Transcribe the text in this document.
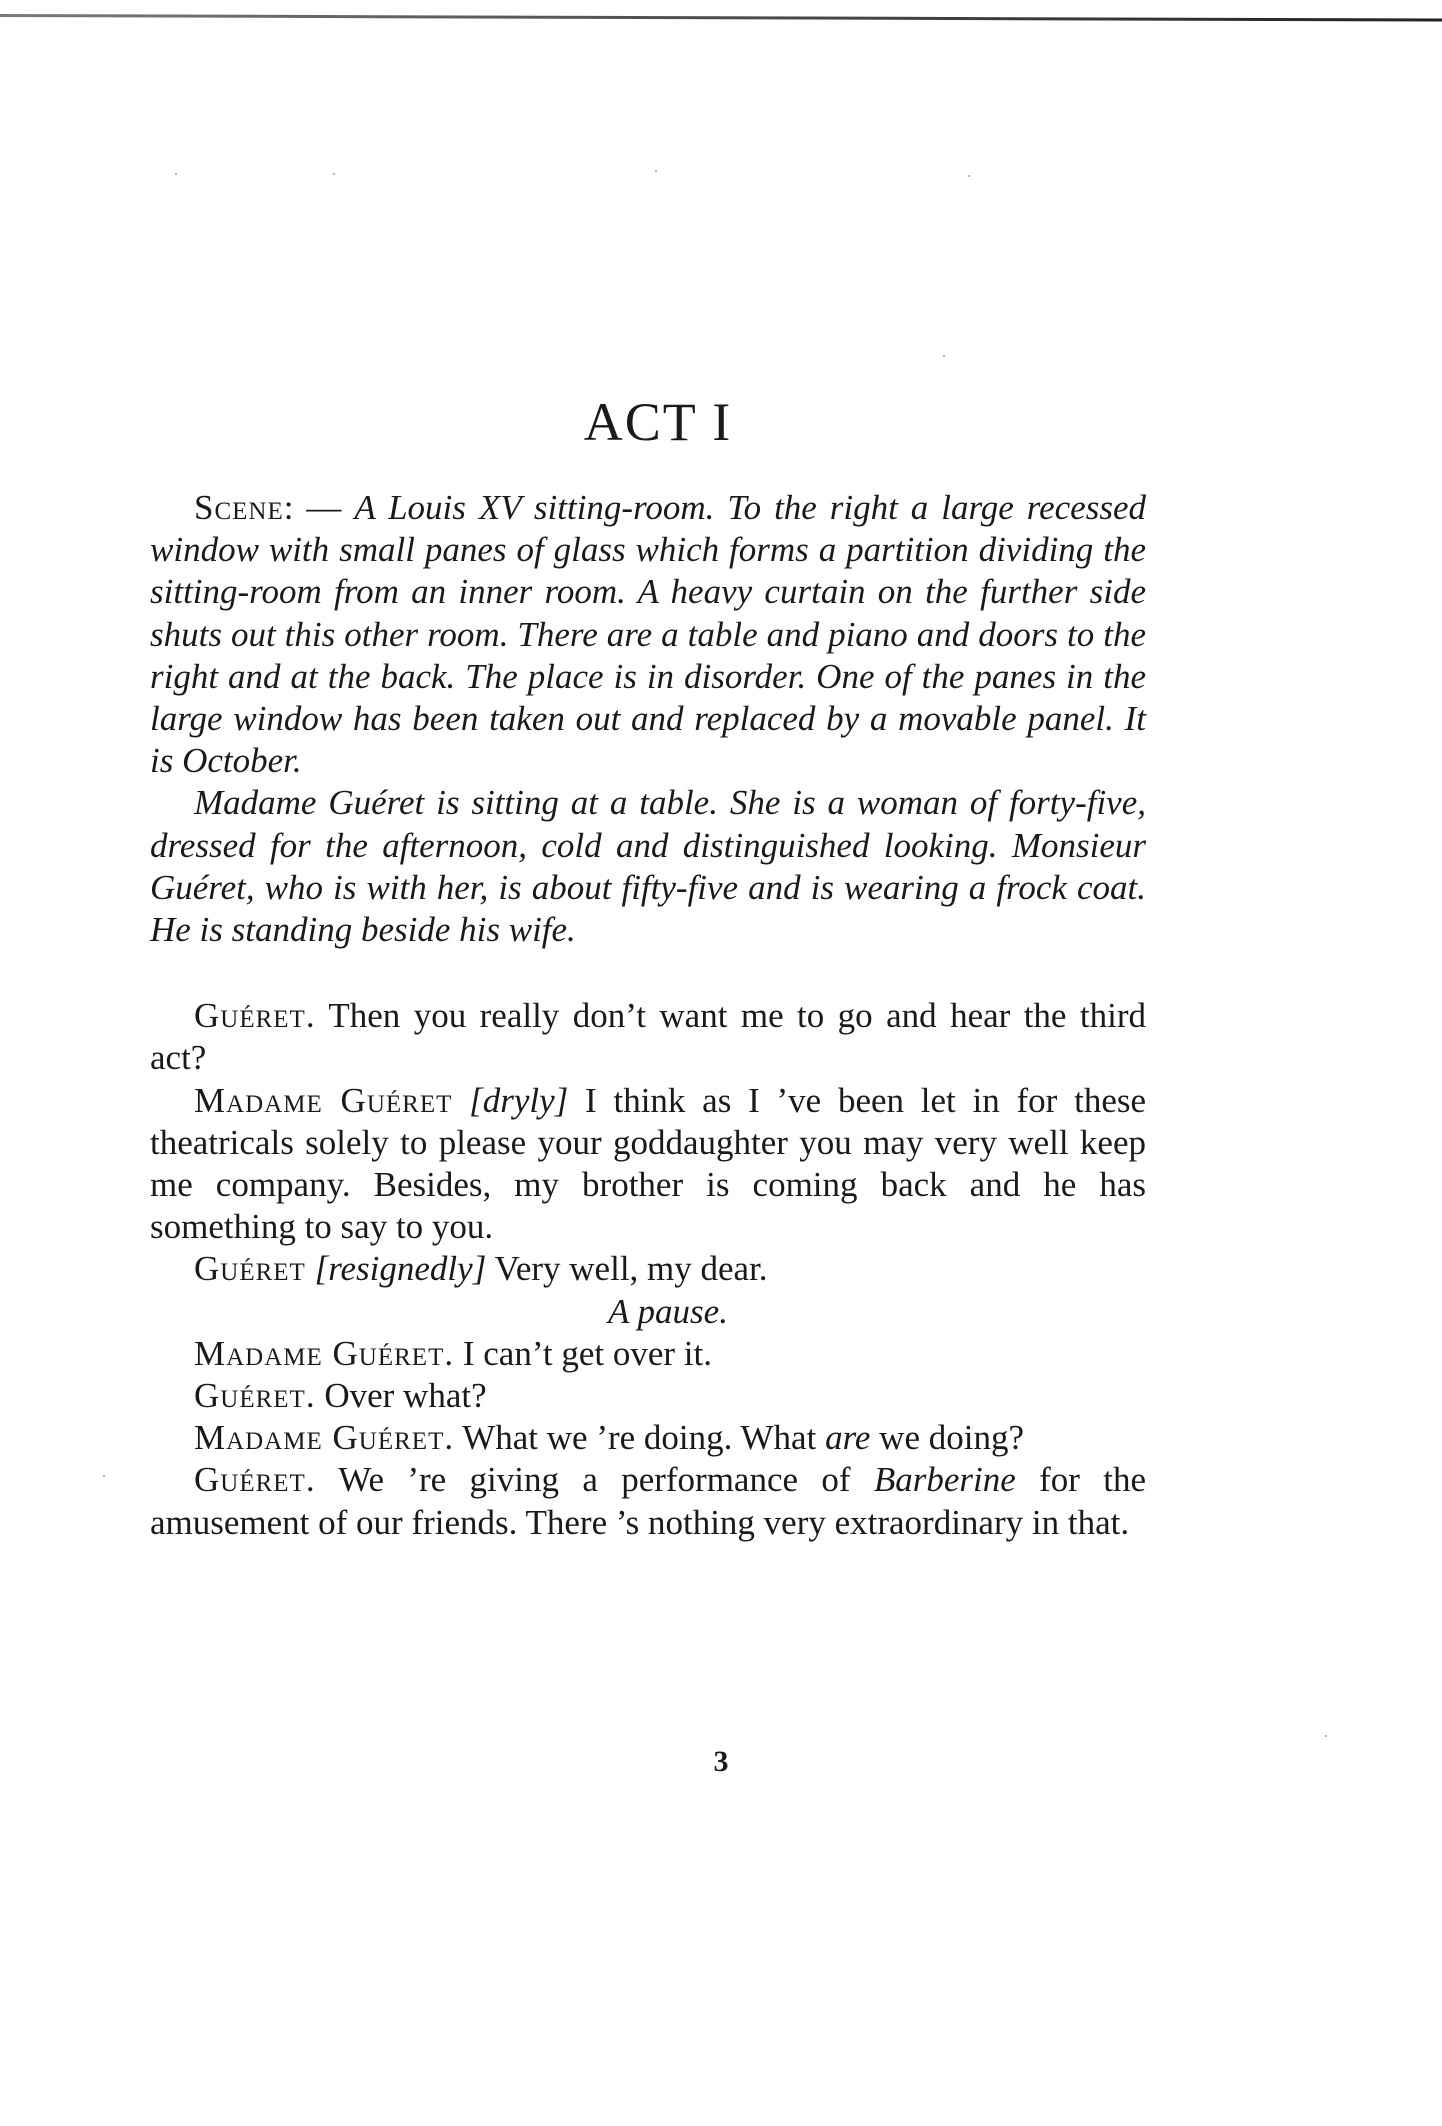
ACT I

Scene: — A Louis XV sitting-room. To the right a large recessed window with small panes of glass which forms a partition dividing the sitting-room from an inner room. A heavy curtain on the further side shuts out this other room. There are a table and piano and doors to the right and at the back. The place is in disorder. One of the panes in the large window has been taken out and replaced by a movable panel. It is October.

Madame Guéret is sitting at a table. She is a woman of forty-five, dressed for the afternoon, cold and distinguished looking. Monsieur Guéret, who is with her, is about fifty-five and is wearing a frock coat. He is standing beside his wife.

Guéret. Then you really don’t want me to go and hear the third act?

Madame Guéret [dryly] I think as I ’ve been let in for these theatricals solely to please your goddaughter you may very well keep me company. Besides, my brother is coming back and he has something to say to you.

Guéret [resignedly] Very well, my dear.

A pause.

Madame Guéret. I can’t get over it.

Guéret. Over what?

Madame Guéret. What we ’re doing. What are we doing?

Guéret. We ’re giving a performance of Barberine for the amusement of our friends. There ’s nothing very extraordinary in that.

3
